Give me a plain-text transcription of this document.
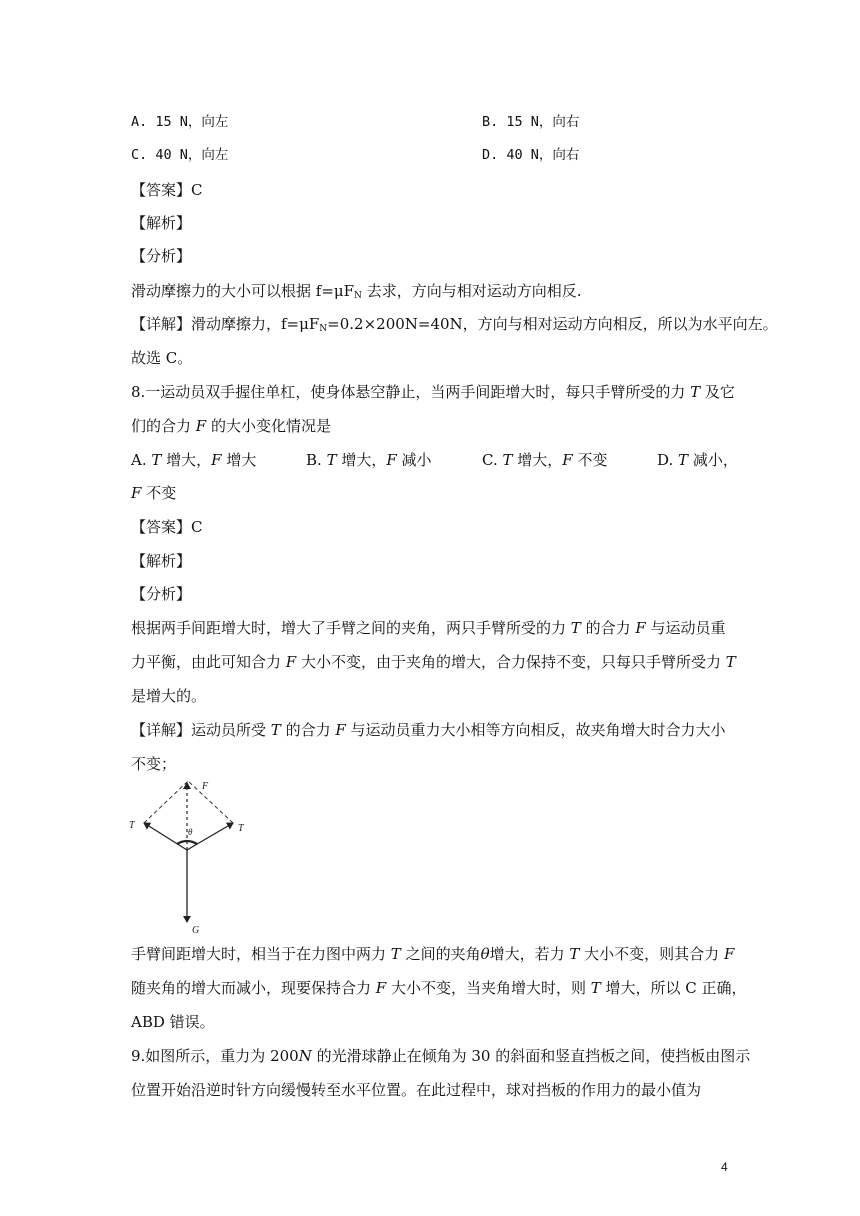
A. 15 N，向左	B. 15 N，向右
C. 40 N，向左	D. 40 N，向右
【答案】C
【解析】
【分析】
滑动摩擦力的大小可以根据 $f=\mu F_N$ 去求，方向与相对运动方向相反.
【详解】滑动摩擦力，$f=\mu F_N=0.2\times 200N=40N$，方向与相对运动方向相反，所以为水平向左。
故选 C。
8.一运动员双手握住单杠，使身体悬空静止，当两手间距增大时，每只手臂所受的力 T 及它
们的合力 F 的大小变化情况是
A. T 增大，F 增大	B. T 增大，F 减小	C. T 增大，F 不变	D. T 减小，
F 不变
【答案】C
【解析】
【分析】
根据两手间距增大时，增大了手臂之间的夹角，两只手臂所受的力 T 的合力 F 与运动员重
力平衡，由此可知合力 F 大小不变，由于夹角的增大，合力保持不变，只每只手臂所受力 T
是增大的。
【详解】运动员所受 T 的合力 F 与运动员重力大小相等方向相反，故夹角增大时合力大小
不变；
F
T	T
θ
G
手臂间距增大时，相当于在力图中两力 T 之间的夹角θ增大，若力 T 大小不变，则其合力 F
随夹角的增大而减小，现要保持合力 F 大小不变，当夹角增大时，则 T 增大，所以 C 正确，
ABD 错误。
9.如图所示，重力为 200N 的光滑球静止在倾角为 30 的斜面和竖直挡板之间，使挡板由图示
位置开始沿逆时针方向缓慢转至水平位置。在此过程中，球对挡板的作用力的最小值为
4
